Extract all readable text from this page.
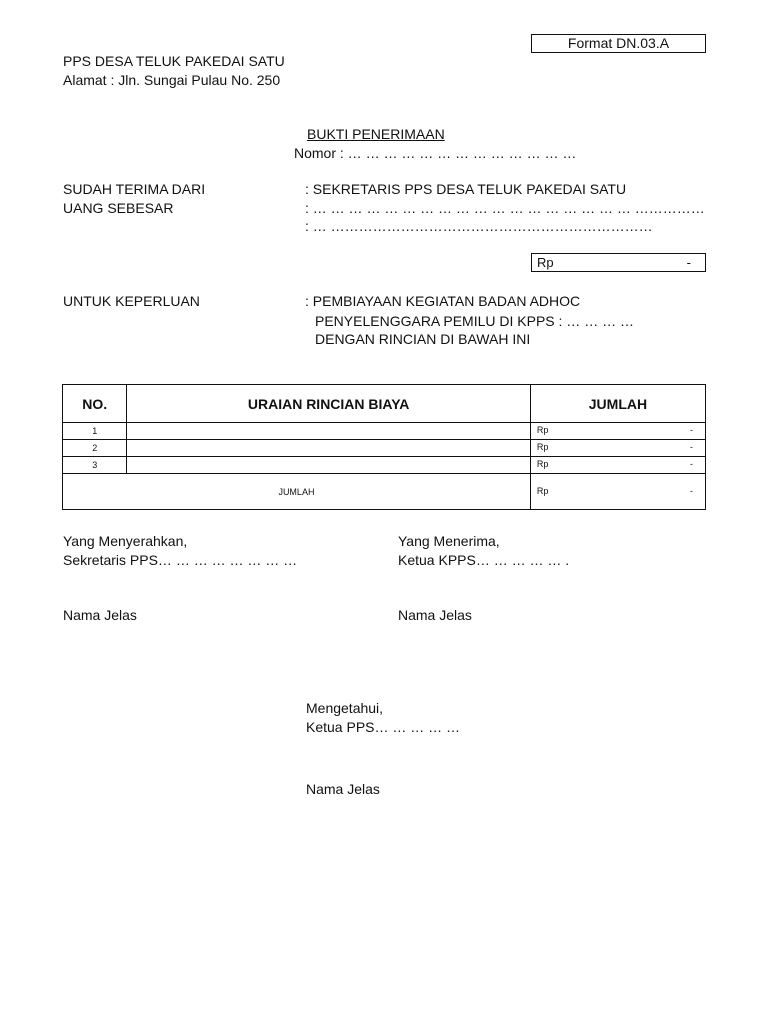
Format DN.03.A
PPS DESA TELUK PAKEDAI SATU
Alamat : Jln. Sungai Pulau No. 250
BUKTI PENERIMAAN
Nomor : … … … … … … … … … … … … …
SUDAH TERIMA DARI	: SEKRETARIS PPS DESA TELUK PAKEDAI SATU
UANG SEBESAR	: … … … … … … … … … … … … … … … … … … ……………
: … ……………………………………………………………
Rp	-
UNTUK KEPERLUAN	: PEMBIAYAAN KEGIATAN BADAN ADHOC
PENYELENGGARA PEMILU DI KPPS : … … … …
DENGAN RINCIAN DI BAWAH INI
NO.	URAIAN RINCIAN BIAYA	JUMLAH
1		Rp -

2		Rp -

3		Rp -

JUMLAH		Rp -
Yang Menyerahkan,
Sekretaris PPS… … … … … … … …
Nama Jelas
Yang Menerima,
Ketua KPPS… … … … … .
Nama Jelas
Mengetahui,
Ketua PPS… … … … …
Nama Jelas
